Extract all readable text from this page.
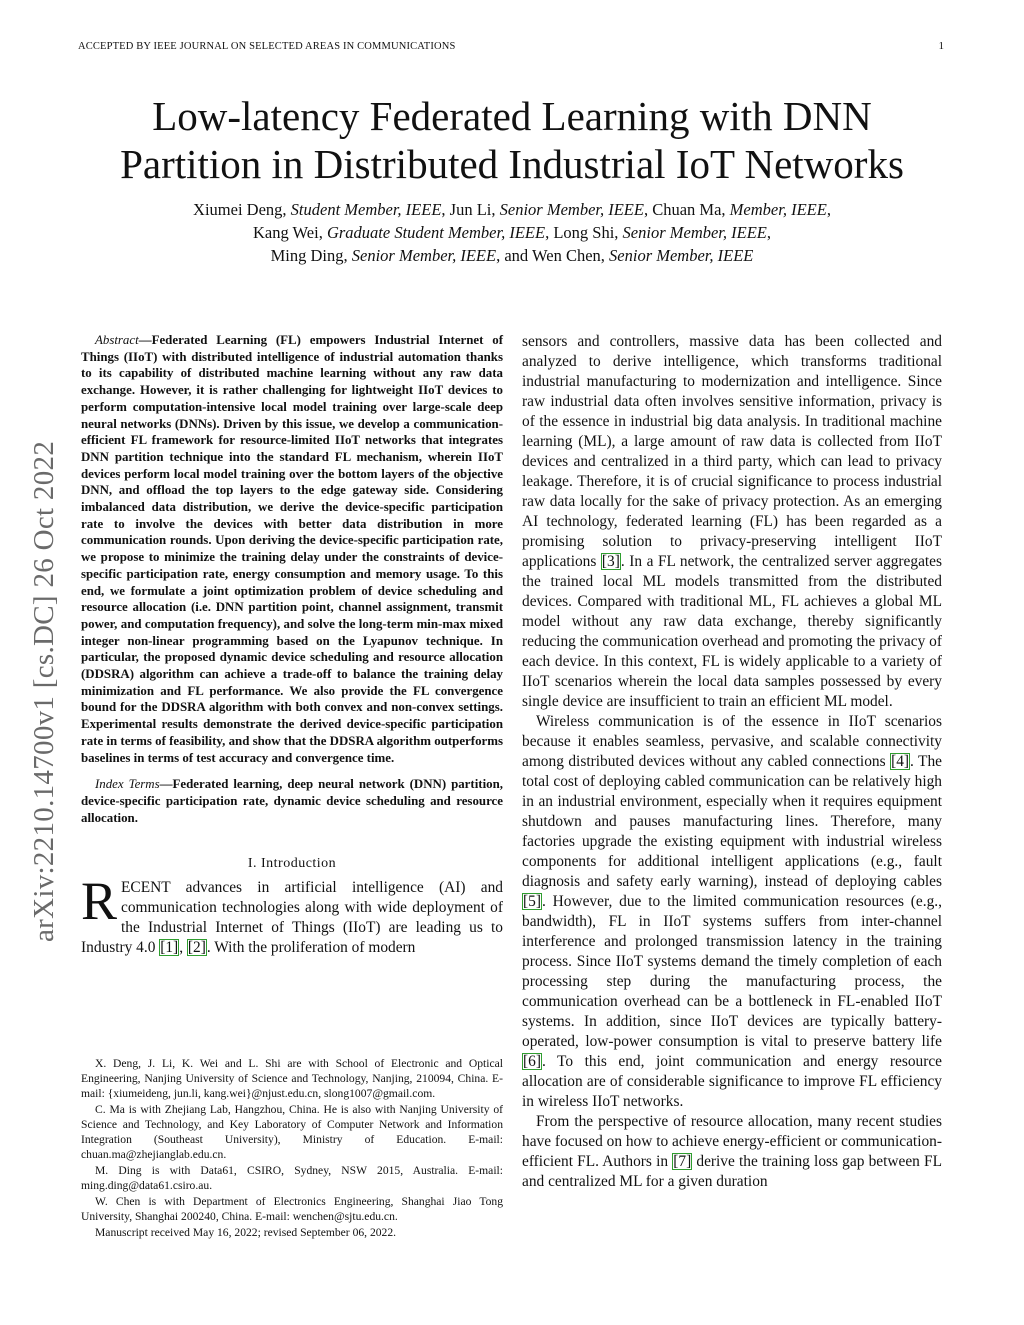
ACCEPTED BY IEEE JOURNAL ON SELECTED AREAS IN COMMUNICATIONS	1
arXiv:2210.14700v1 [cs.DC] 26 Oct 2022
Low-latency Federated Learning with DNN
Partition in Distributed Industrial IoT Networks
Xiumei Deng, Student Member, IEEE, Jun Li, Senior Member, IEEE, Chuan Ma, Member, IEEE,
Kang Wei, Graduate Student Member, IEEE, Long Shi, Senior Member, IEEE,
Ming Ding, Senior Member, IEEE, and Wen Chen, Senior Member, IEEE

Abstract—Federated Learning (FL) empowers Industrial Internet of Things (IIoT) with distributed intelligence of industrial automation thanks to its capability of distributed machine learning without any raw data exchange. However, it is rather challenging for lightweight IIoT devices to perform computation-intensive local model training over large-scale deep neural networks (DNNs). Driven by this issue, we develop a communication-efficient FL framework for resource-limited IIoT networks that integrates DNN partition technique into the standard FL mechanism, wherein IIoT devices perform local model training over the bottom layers of the objective DNN, and offload the top layers to the edge gateway side. Considering imbalanced data distribution, we derive the device-specific participation rate to involve the devices with better data distribution in more communication rounds. Upon deriving the device-specific participation rate, we propose to minimize the training delay under the constraints of device-specific participation rate, energy consumption and memory usage. To this end, we formulate a joint optimization problem of device scheduling and resource allocation (i.e. DNN partition point, channel assignment, transmit power, and computation frequency), and solve the long-term min-max mixed integer non-linear programming based on the Lyapunov technique. In particular, the proposed dynamic device scheduling and resource allocation (DDSRA) algorithm can achieve a trade-off to balance the training delay minimization and FL performance. We also provide the FL convergence bound for the DDSRA algorithm with both convex and non-convex settings. Experimental results demonstrate the derived device-specific participation rate in terms of feasibility, and show that the DDSRA algorithm outperforms baselines in terms of test accuracy and convergence time.

Index Terms—Federated learning, deep neural network (DNN) partition, device-specific participation rate, dynamic device scheduling and resource allocation.

I. Introduction

RECENT advances in artificial intelligence (AI) and communication technologies along with wide deployment of the Industrial Internet of Things (IIoT) are leading us to Industry 4.0 [1], [2]. With the proliferation of modern

X. Deng, J. Li, K. Wei and L. Shi are with School of Electronic and Optical Engineering, Nanjing University of Science and Technology, Nanjing, 210094, China. E-mail: {xiumeideng, jun.li, kang.wei}@njust.edu.cn, slong1007@gmail.com.

C. Ma is with Zhejiang Lab, Hangzhou, China. He is also with Nanjing University of Science and Technology, and Key Laboratory of Computer Network and Information Integration (Southeast University), Ministry of Education. E-mail: chuan.ma@zhejianglab.edu.cn.

M. Ding is with Data61, CSIRO, Sydney, NSW 2015, Australia. E-mail: ming.ding@data61.csiro.au.

W. Chen is with Department of Electronics Engineering, Shanghai Jiao Tong University, Shanghai 200240, China. E-mail: wenchen@sjtu.edu.cn.

Manuscript received May 16, 2022; revised September 06, 2022.

sensors and controllers, massive data has been collected and analyzed to derive intelligence, which transforms traditional industrial manufacturing to modernization and intelligence. Since raw industrial data often involves sensitive information, privacy is of the essence in industrial big data analysis. In traditional machine learning (ML), a large amount of raw data is collected from IIoT devices and centralized in a third party, which can lead to privacy leakage. Therefore, it is of crucial significance to process industrial raw data locally for the sake of privacy protection. As an emerging AI technology, federated learning (FL) has been regarded as a promising solution to privacy-preserving intelligent IIoT applications [3]. In a FL network, the centralized server aggregates the trained local ML models transmitted from the distributed devices. Compared with traditional ML, FL achieves a global ML model without any raw data exchange, thereby significantly reducing the communication overhead and promoting the privacy of each device. In this context, FL is widely applicable to a variety of IIoT scenarios wherein the local data samples possessed by every single device are insufficient to train an efficient ML model.

Wireless communication is of the essence in IIoT scenarios because it enables seamless, pervasive, and scalable connectivity among distributed devices without any cabled connections [4]. The total cost of deploying cabled communication can be relatively high in an industrial environment, especially when it requires equipment shutdown and pauses manufacturing lines. Therefore, many factories upgrade the existing equipment with industrial wireless components for additional intelligent applications (e.g., fault diagnosis and safety early warning), instead of deploying cables [5]. However, due to the limited communication resources (e.g., bandwidth), FL in IIoT systems suffers from inter-channel interference and prolonged transmission latency in the training process. Since IIoT systems demand the timely completion of each processing step during the manufacturing process, the communication overhead can be a bottleneck in FL-enabled IIoT systems. In addition, since IIoT devices are typically battery-operated, low-power consumption is vital to preserve battery life [6]. To this end, joint communication and energy resource allocation are of considerable significance to improve FL efficiency in wireless IIoT networks.

From the perspective of resource allocation, many recent studies have focused on how to achieve energy-efficient or communication-efficient FL. Authors in [7] derive the training loss gap between FL and centralized ML for a given duration
